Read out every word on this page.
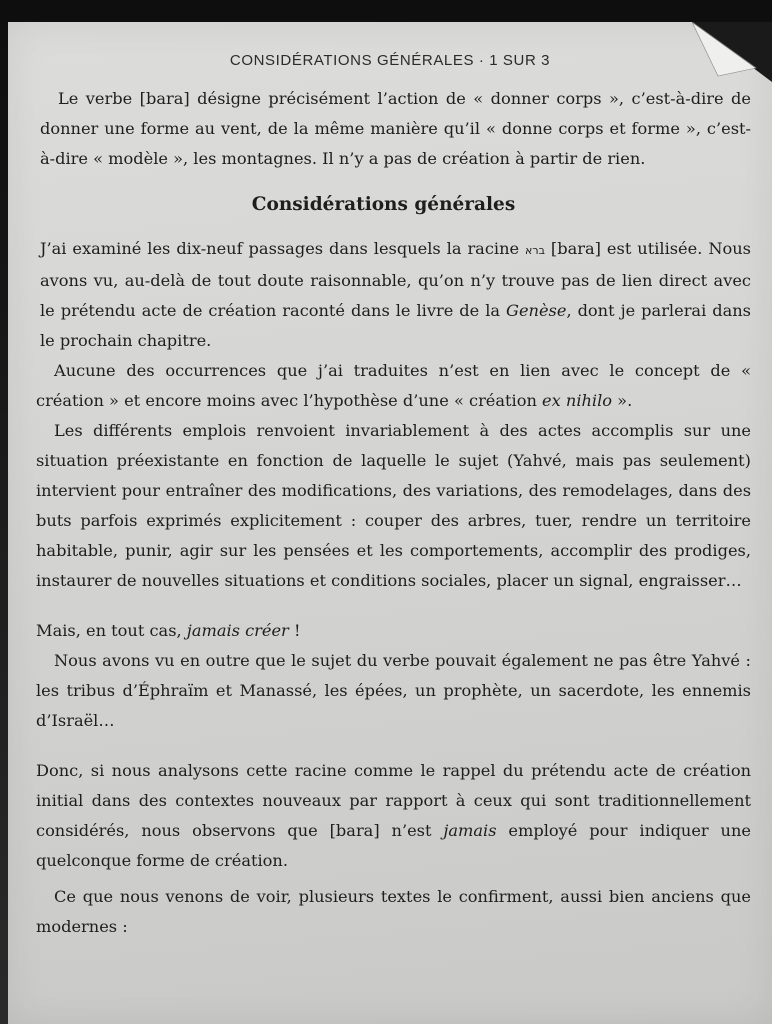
CONSIDÉRATIONS GÉNÉRALES · 1 SUR 3

Le verbe [bara] désigne précisément l’action de « donner corps », c’est-à-dire de donner une forme au vent, de la même manière qu’il « donne corps et forme », c’est-à-dire « modèle », les montagnes. Il n’y a pas de création à partir de rien.

Considérations générales

J’ai examiné les dix-neuf passages dans lesquels la racine ברא [bara] est utilisée. Nous avons vu, au-delà de tout doute raisonnable, qu’on n’y trouve pas de lien direct avec le prétendu acte de création raconté dans le livre de la Genèse, dont je parlerai dans le prochain chapitre.

Aucune des occurrences que j’ai traduites n’est en lien avec le concept de « création » et encore moins avec l’hypothèse d’une « création ex nihilo ».

Les différents emplois renvoient invariablement à des actes accomplis sur une situation préexistante en fonction de laquelle le sujet (Yahvé, mais pas seulement) intervient pour entraîner des modifications, des variations, des remodelages, dans des buts parfois exprimés explicitement : couper des arbres, tuer, rendre un territoire habitable, punir, agir sur les pensées et les comportements, accomplir des prodiges, instaurer de nouvelles situations et conditions sociales, placer un signal, engraisser…

Mais, en tout cas, jamais créer !

Nous avons vu en outre que le sujet du verbe pouvait également ne pas être Yahvé : les tribus d’Éphraïm et Manassé, les épées, un prophète, un sacerdote, les ennemis d’Israël…

Donc, si nous analysons cette racine comme le rappel du prétendu acte de création initial dans des contextes nouveaux par rapport à ceux qui sont traditionnellement considérés, nous observons que [bara] n’est jamais employé pour indiquer une quelconque forme de création.

Ce que nous venons de voir, plusieurs textes le confirment, aussi bien anciens que modernes :
